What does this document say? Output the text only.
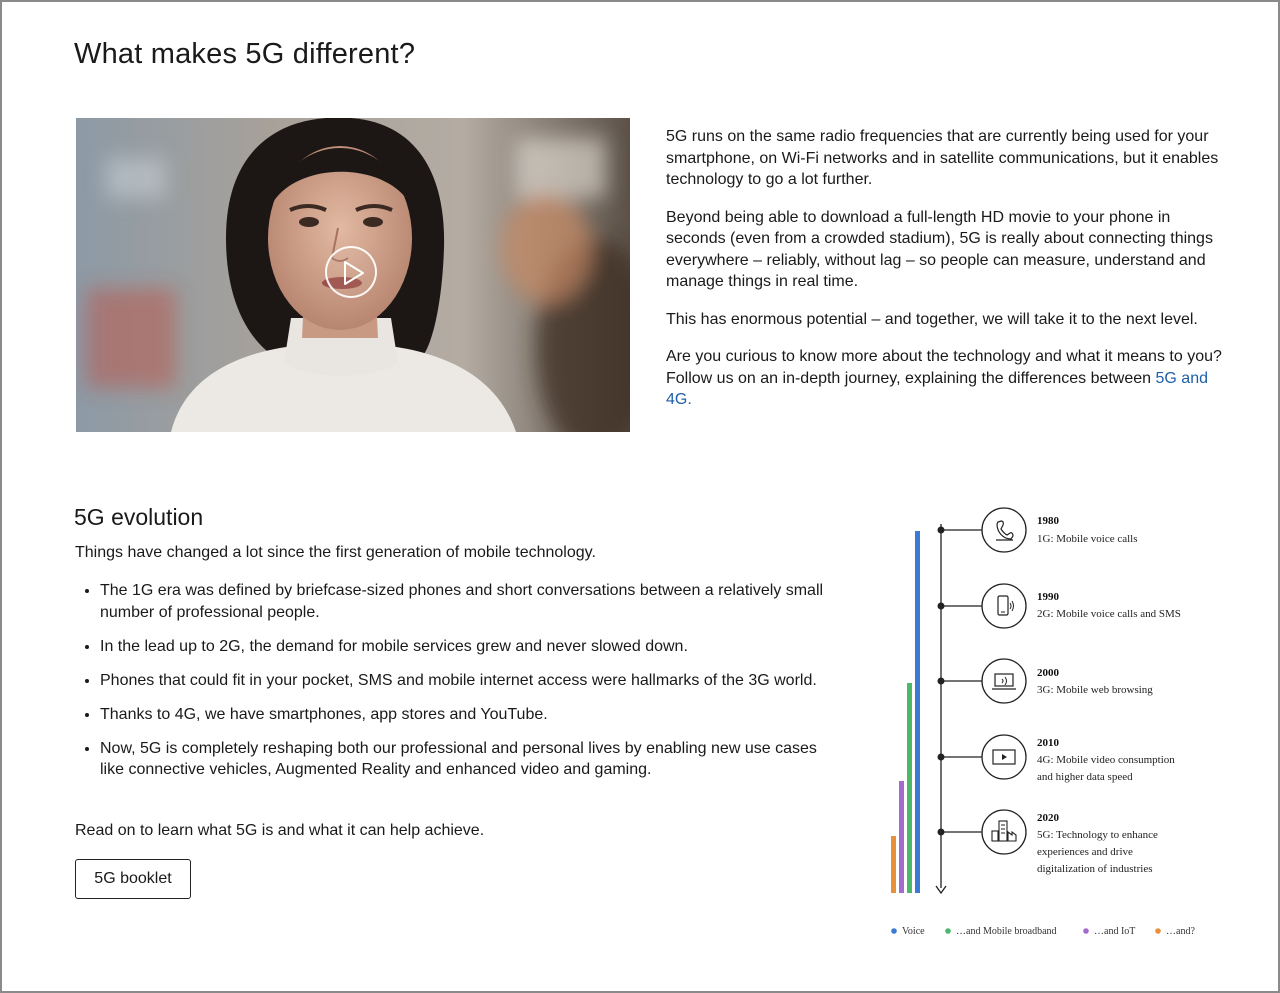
What makes 5G different?

5G runs on the same radio frequencies that are currently being used for your smartphone, on Wi-Fi networks and in satellite communications, but it enables technology to go a lot further.

Beyond being able to download a full-length HD movie to your phone in seconds (even from a crowded stadium), 5G is really about connecting things everywhere – reliably, without lag – so people can measure, understand and manage things in real time.

This has enormous potential – and together, we will take it to the next level.

Are you curious to know more about the technology and what it means to you? Follow us on an in-depth journey, explaining the differences between 5G and 4G.

5G evolution

Things have changed a lot since the first generation of mobile technology.

• The 1G era was defined by briefcase-sized phones and short conversations between a relatively small number of professional people.
• In the lead up to 2G, the demand for mobile services grew and never slowed down.
• Phones that could fit in your pocket, SMS and mobile internet access were hallmarks of the 3G world.
• Thanks to 4G, we have smartphones, app stores and YouTube.
• Now, 5G is completely reshaping both our professional and personal lives by enabling new use cases like connective vehicles, Augmented Reality and enhanced video and gaming.

Read on to learn what 5G is and what it can help achieve.

5G booklet
1980
1G: Mobile voice calls
1990
2G: Mobile voice calls and SMS
2000
3G: Mobile web browsing
2010
4G: Mobile video consumption
and higher data speed
2020
5G: Technology to enhance
experiences and drive
digitalization of industries
Voice	…and Mobile broadband	…and IoT	…and?
